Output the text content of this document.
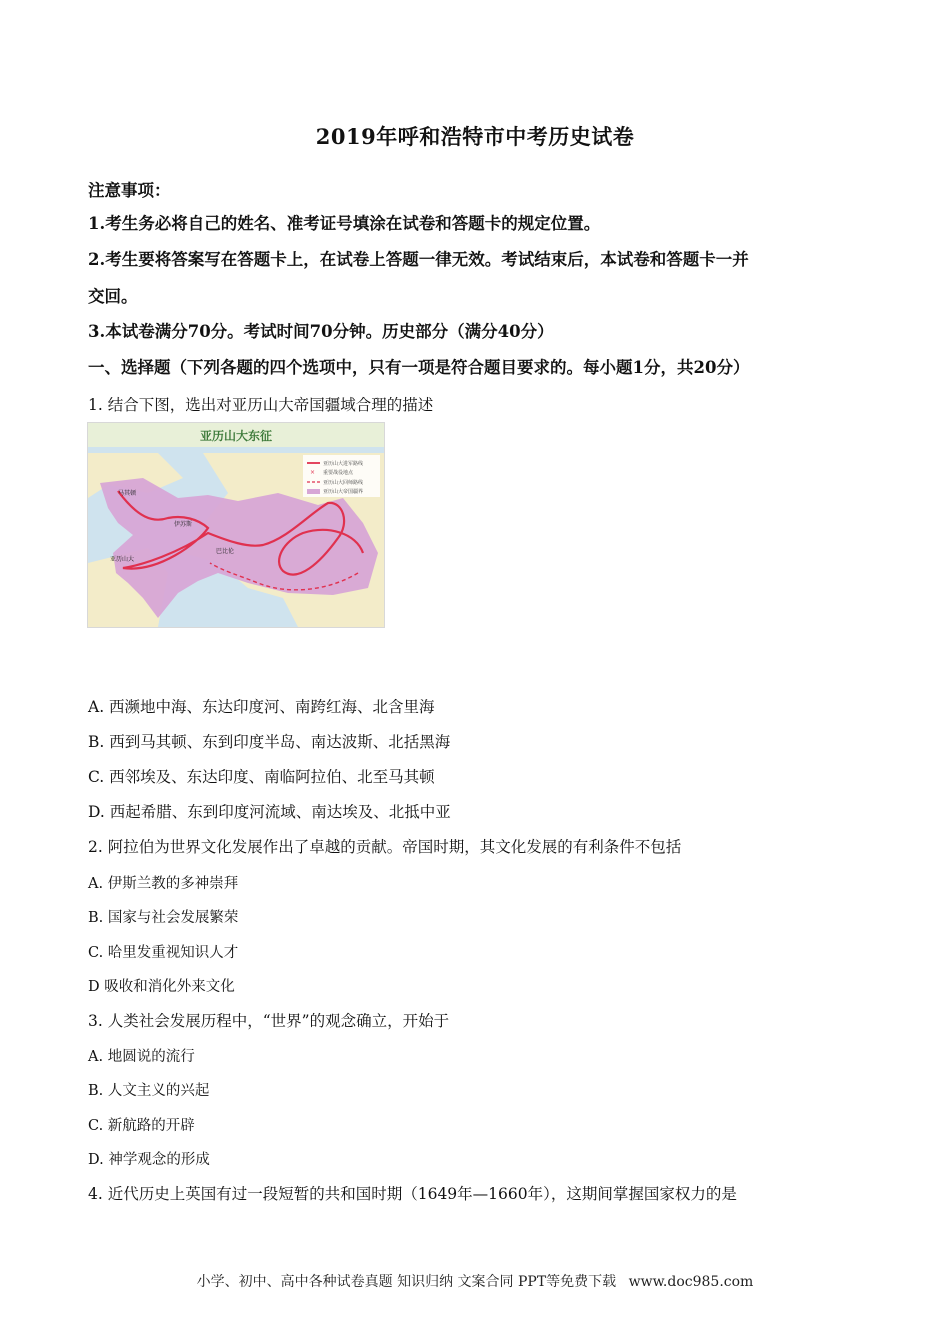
2019年呼和浩特市中考历史试卷
注意事项：
1.考生务必将自己的姓名、准考证号填涂在试卷和答题卡的规定位置。
2.考生要将答案写在答题卡上，在试卷上答题一律无效。考试结束后，本试卷和答题卡一并
交回。
3.本试卷满分70分。考试时间70分钟。历史部分（满分40分）
一、选择题（下列各题的四个选项中，只有一项是符合题目要求的。每小题1分，共20分）
1. 结合下图，选出对亚历山大帝国疆域合理的描述
亚历山大东征
亚历山大进军路线
× 重要战役地点
亚历山大回师路线
亚历山大帝国疆界
马其顿
伊苏斯
巴比伦
亚历山大
A. 西濒地中海、东达印度河、南跨红海、北含里海
B. 西到马其顿、东到印度半岛、南达波斯、北括黑海
C. 西邻埃及、东达印度、南临阿拉伯、北至马其顿
D. 西起希腊、东到印度河流域、南达埃及、北抵中亚
2. 阿拉伯为世界文化发展作出了卓越的贡献。帝国时期，其文化发展的有利条件不包括
A. 伊斯兰教的多神崇拜
B. 国家与社会发展繁荣
C. 哈里发重视知识人才
D 吸收和消化外来文化
3. 人类社会发展历程中，“世界”的观念确立，开始于
A. 地圆说的流行
B. 人文主义的兴起
C. 新航路的开辟
D. 神学观念的形成
4. 近代历史上英国有过一段短暂的共和国时期（1649年—1660年），这期间掌握国家权力的是
小学、初中、高中各种试卷真题 知识归纳 文案合同 PPT等免费下载 www.doc985.com
